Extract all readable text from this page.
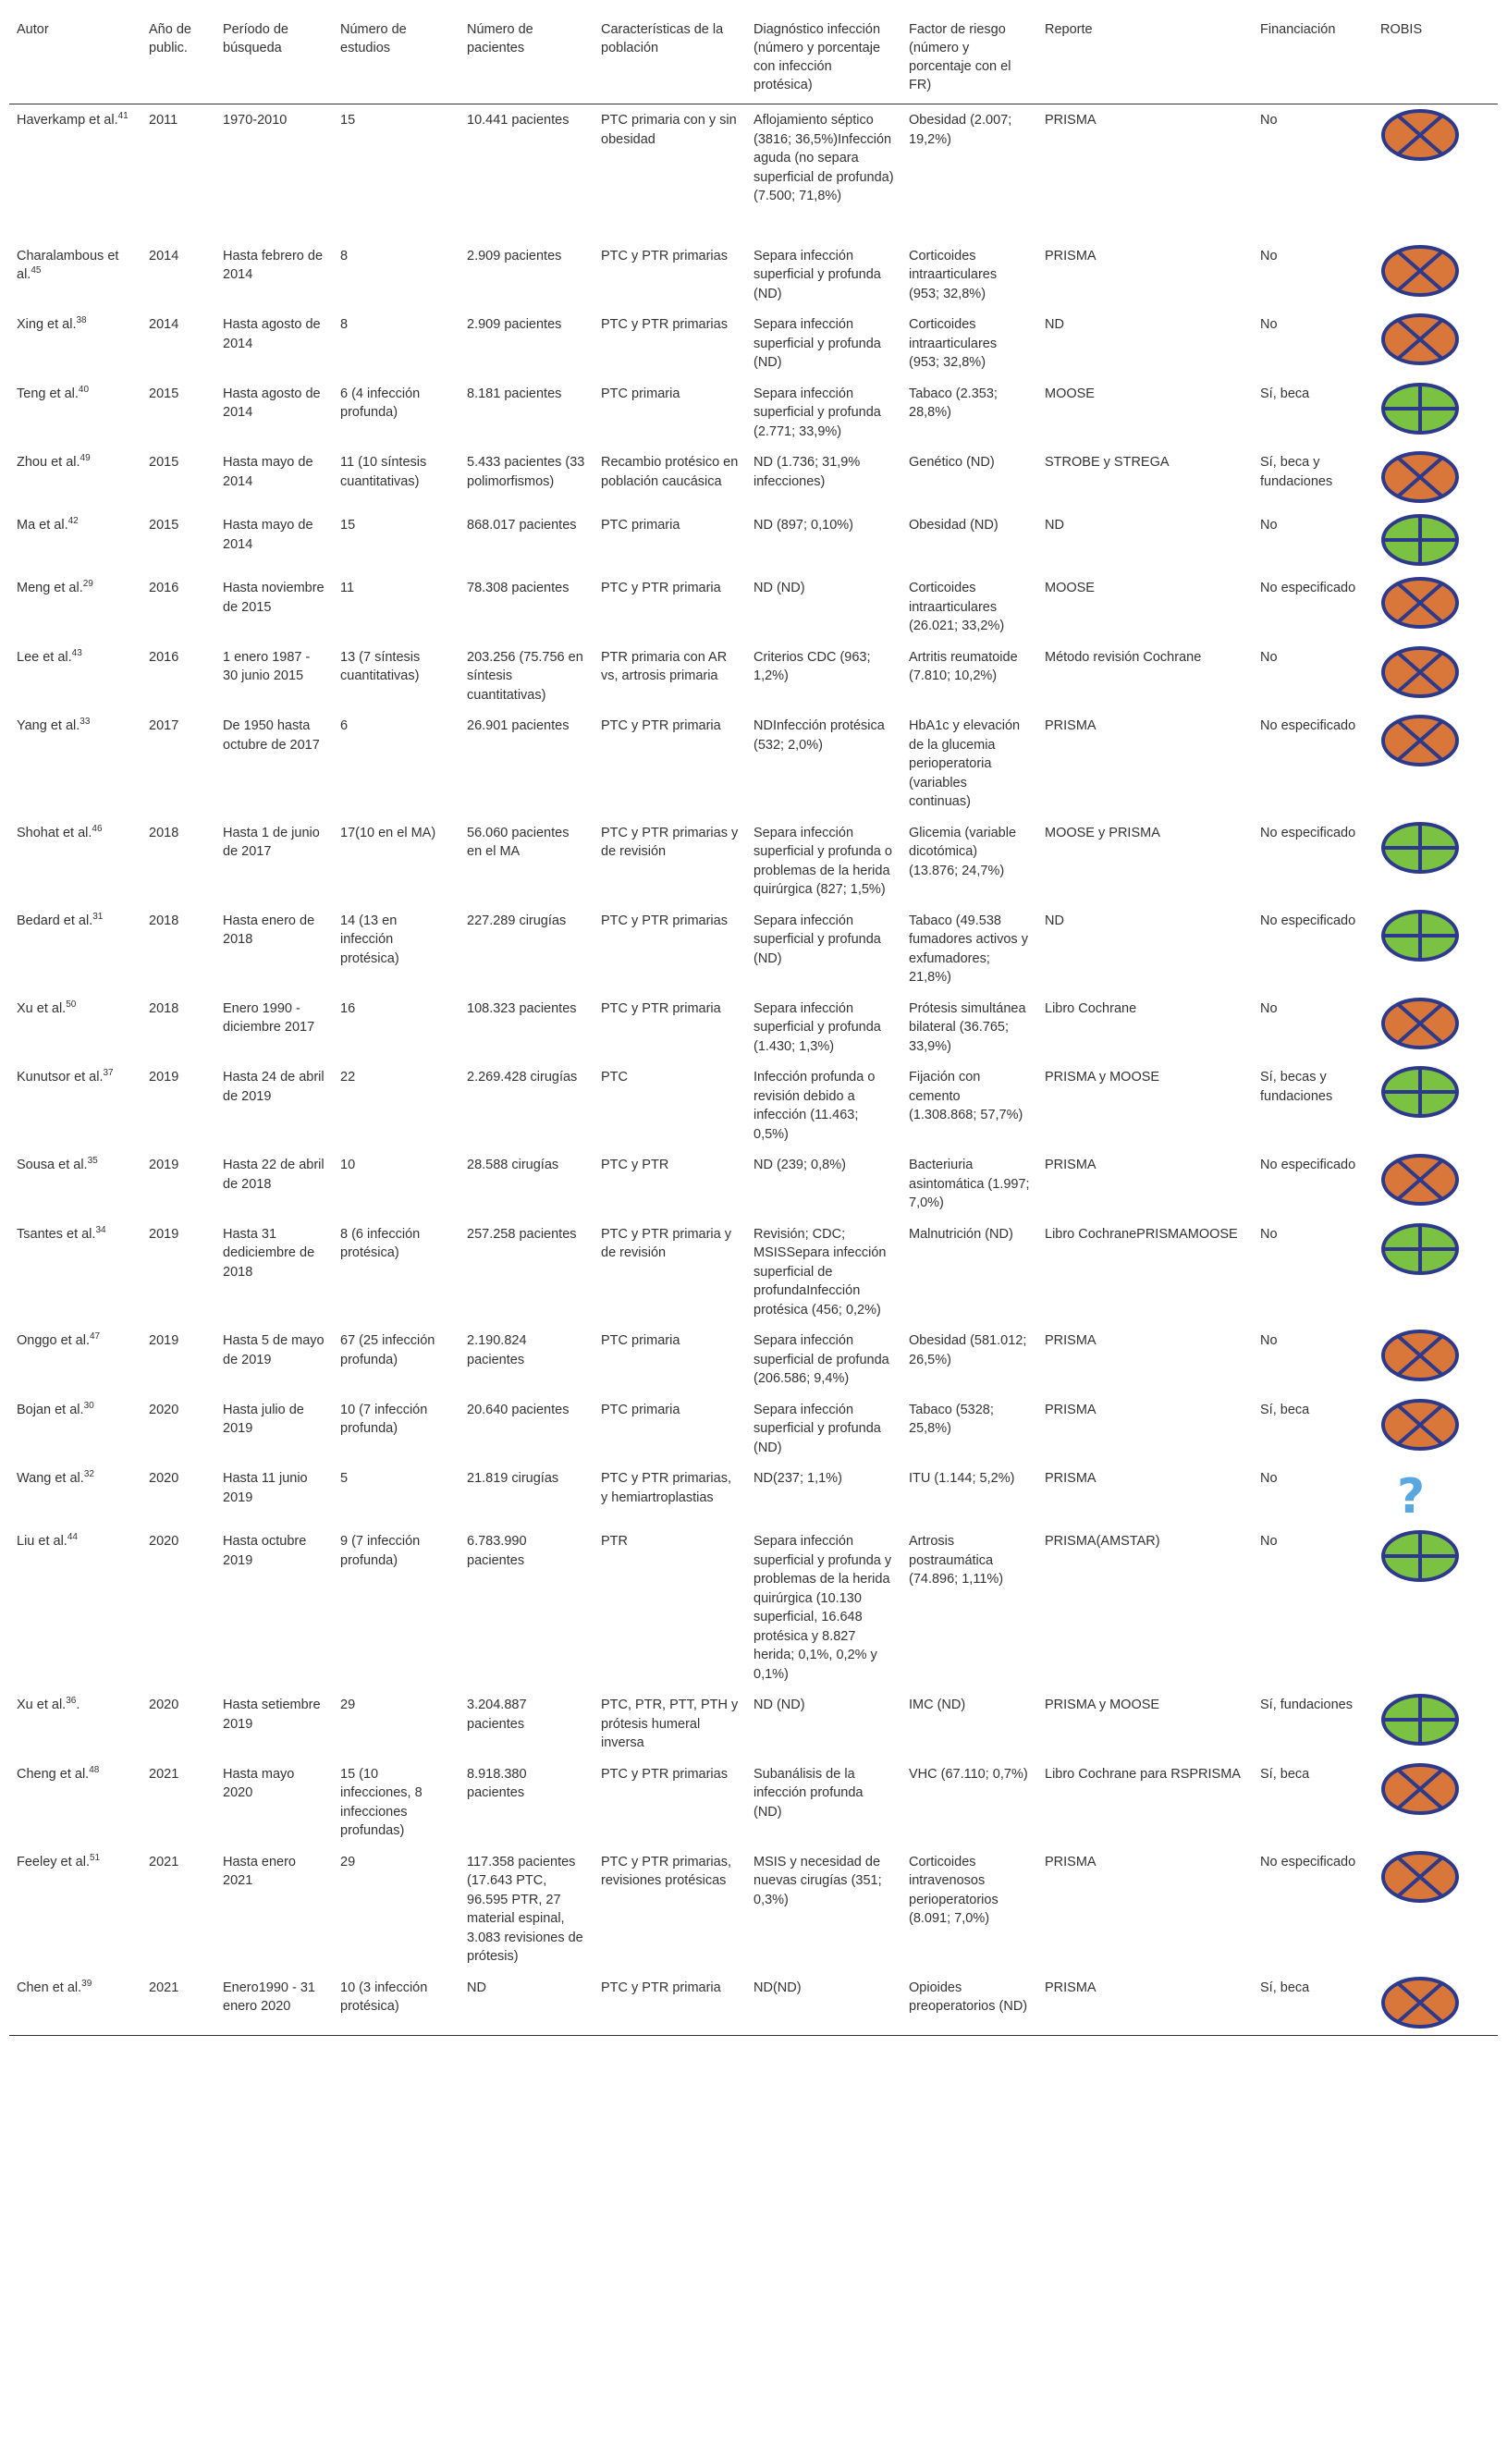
Autor	Año de public.	Período de búsqueda	Número de estudios	Número de pacientes	Características de la población	Diagnóstico infección (número y porcentaje con infección protésica)	Factor de riesgo (número y porcentaje con el FR)	Reporte	Financiación	ROBIS
Haverkamp et al.$^{41}$	2011	1970-2010	15	10.441 pacientes	PTC primaria con y sin obesidad	Aflojamiento séptico (3816; 36,5%)Infección aguda (no separa superficial de profunda) (7.500; 71,8%)	Obesidad (2.007; 19,2%)	PRISMA	No	

Charalambous et al.$^{45}$	2014	Hasta febrero de 2014	8	2.909 pacientes	PTC y PTR primarias	Separa infección superficial y profunda (ND)	Corticoides intraarticulares (953; 32,8%)	PRISMA	No	

Xing et al.$^{38}$	2014	Hasta agosto de 2014	8	2.909 pacientes	PTC y PTR primarias	Separa infección superficial y profunda (ND)	Corticoides intraarticulares (953; 32,8%)	ND	No	

Teng et al.$^{40}$	2015	Hasta agosto de 2014	6 (4 infección profunda)	8.181 pacientes	PTC primaria	Separa infección superficial y profunda (2.771; 33,9%)	Tabaco (2.353; 28,8%)	MOOSE	Sí, beca	

Zhou et al.$^{49}$	2015	Hasta mayo de 2014	11 (10 síntesis cuantitativas)	5.433 pacientes (33 polimorfismos)	Recambio protésico en población caucásica	ND (1.736; 31,9% infecciones)	Genético (ND)	STROBE y STREGA	Sí, beca y fundaciones	

Ma et al.$^{42}$	2015	Hasta mayo de 2014	15	868.017 pacientes	PTC primaria	ND (897; 0,10%)	Obesidad (ND)	ND	No	

Meng et al.$^{29}$	2016	Hasta noviembre de 2015	11	78.308 pacientes	PTC y PTR primaria	ND (ND)	Corticoides intraarticulares (26.021; 33,2%)	MOOSE	No especificado	

Lee et al.$^{43}$	2016	1 enero 1987 - 30 junio 2015	13 (7 síntesis cuantitativas)	203.256 (75.756 en síntesis cuantitativas)	PTR primaria con AR vs, artrosis primaria	Criterios CDC (963; 1,2%)	Artritis reumatoide (7.810; 10,2%)	Método revisión Cochrane	No	

Yang et al.$^{33}$	2017	De 1950 hasta octubre de 2017	6	26.901 pacientes	PTC y PTR primaria	NDInfección protésica (532; 2,0%)	HbA1c y elevación de la glucemia perioperatoria (variables continuas)	PRISMA	No especificado	

Shohat et al.$^{46}$	2018	Hasta 1 de junio de 2017	17(10 en el MA)	56.060 pacientes en el MA	PTC y PTR primarias y de revisión	Separa infección superficial y profunda o problemas de la herida quirúrgica (827; 1,5%)	Glicemia (variable dicotómica) (13.876; 24,7%)	MOOSE y PRISMA	No especificado	

Bedard et al.$^{31}$	2018	Hasta enero de 2018	14 (13 en infección protésica)	227.289 cirugías	PTC y PTR primarias	Separa infección superficial y profunda (ND)	Tabaco (49.538 fumadores activos y exfumadores; 21,8%)	ND	No especificado	

Xu et al.$^{50}$	2018	Enero 1990 - diciembre 2017	16	108.323 pacientes	PTC y PTR primaria	Separa infección superficial y profunda (1.430; 1,3%)	Prótesis simultánea bilateral (36.765; 33,9%)	Libro Cochrane	No	

Kunutsor et al.$^{37}$	2019	Hasta 24 de abril de 2019	22	2.269.428 cirugías	PTC	Infección profunda o revisión debido a infección (11.463; 0,5%)	Fijación con cemento (1.308.868; 57,7%)	PRISMA y MOOSE	Sí, becas y fundaciones	

Sousa et al.$^{35}$	2019	Hasta 22 de abril de 2018	10	28.588 cirugías	PTC y PTR	ND (239; 0,8%)	Bacteriuria asintomática (1.997; 7,0%)	PRISMA	No especificado	

Tsantes et al.$^{34}$	2019	Hasta 31 dediciembre de 2018	8 (6 infección protésica)	257.258 pacientes	PTC y PTR primaria y de revisión	Revisión; CDC; MSISSepara infección superficial de profundaInfección protésica (456; 0,2%)	Malnutrición (ND)	Libro CochranePRISMAMOOSE	No	

Onggo et al.$^{47}$	2019	Hasta 5 de mayo de 2019	67 (25 infección profunda)	2.190.824 pacientes	PTC primaria	Separa infección superficial de profunda (206.586; 9,4%)	Obesidad (581.012; 26,5%)	PRISMA	No	

Bojan et al.$^{30}$	2020	Hasta julio de 2019	10 (7 infección profunda)	20.640 pacientes	PTC primaria	Separa infección superficial y profunda (ND)	Tabaco (5328; 25,8%)	PRISMA	Sí, beca	

Wang et al.$^{32}$	2020	Hasta 11 junio 2019	5	21.819 cirugías	PTC y PTR primarias, y hemiartroplastias	ND(237; 1,1%)	ITU (1.144; 5,2%)	PRISMA	No	?

Liu et al.$^{44}$	2020	Hasta octubre 2019	9 (7 infección profunda)	6.783.990 pacientes	PTR	Separa infección superficial y profunda y problemas de la herida quirúrgica (10.130 superficial, 16.648 protésica y 8.827 herida; 0,1%, 0,2% y 0,1%)	Artrosis postraumática (74.896; 1,11%)	PRISMA(AMSTAR)	No	

Xu et al.$^{36}$.	2020	Hasta setiembre 2019	29	3.204.887 pacientes	PTC, PTR, PTT, PTH y prótesis humeral inversa	ND (ND)	IMC (ND)	PRISMA y MOOSE	Sí, fundaciones	

Cheng et al.$^{48}$	2021	Hasta mayo 2020	15 (10 infecciones, 8 infecciones profundas)	8.918.380 pacientes	PTC y PTR primarias	Subanálisis de la infección profunda (ND)	VHC (67.110; 0,7%)	Libro Cochrane para RSPRISMA	Sí, beca	

Feeley et al.$^{51}$	2021	Hasta enero 2021	29	117.358 pacientes (17.643 PTC, 96.595 PTR, 27 material espinal, 3.083 revisiones de prótesis)	PTC y PTR primarias, revisiones protésicas	MSIS y necesidad de nuevas cirugías (351; 0,3%)	Corticoides intravenosos perioperatorios (8.091; 7,0%)	PRISMA	No especificado	

Chen et al.$^{39}$	2021	Enero1990 - 31 enero 2020	10 (3 infección protésica)	ND	PTC y PTR primaria	ND(ND)	Opioides preoperatorios (ND)	PRISMA	Sí, beca	
